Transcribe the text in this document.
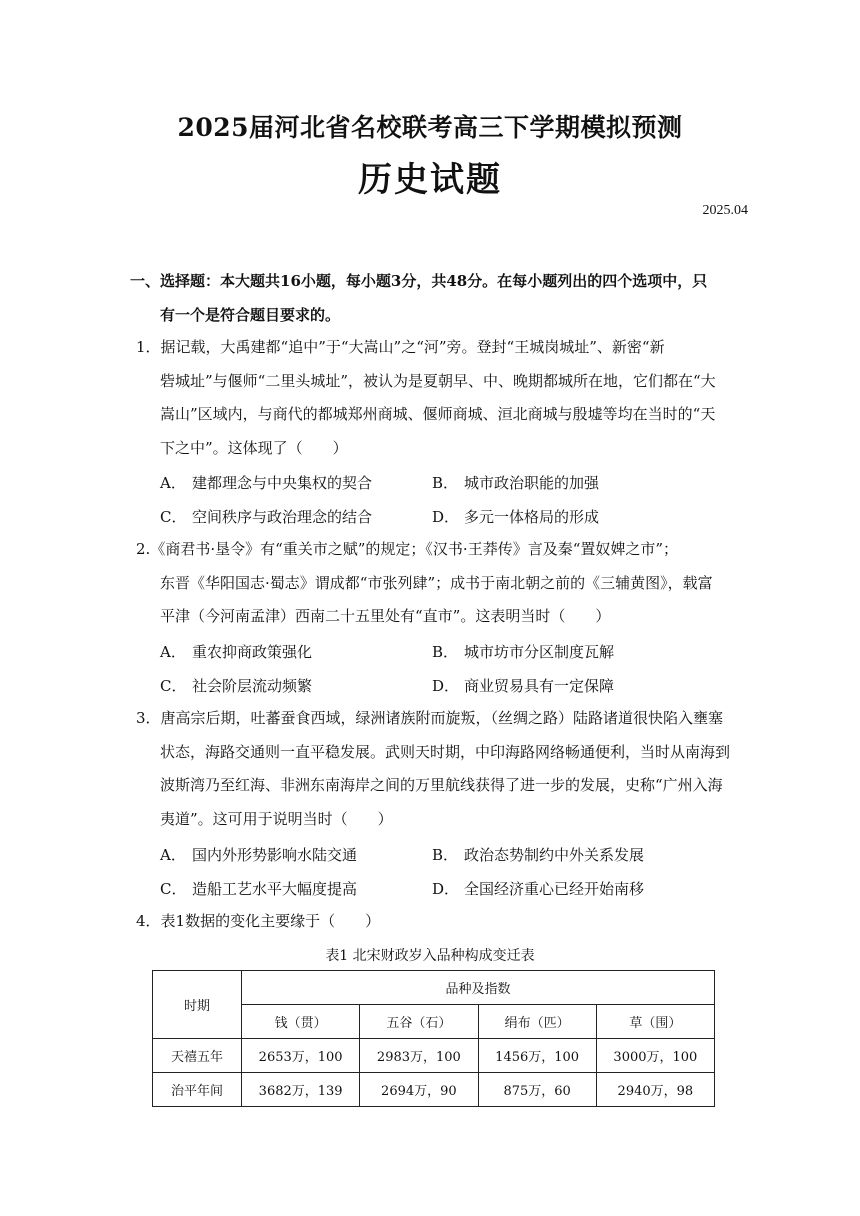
2025届河北省名校联考高三下学期模拟预测
历史试题
2025.04
一、选择题：本大题共16小题，每小题3分，共48分。在每小题列出的四个选项中，只
有一个是符合题目要求的。
1．据记载，大禹建都“追中”于“大嵩山”之“河”旁。登封“王城岗城址”、新密“新
砦城址”与偃师“二里头城址”，被认为是夏朝早、中、晚期都城所在地，它们都在“大
嵩山”区域内，与商代的都城郑州商城、偃师商城、洹北商城与殷墟等均在当时的“天
下之中”。这体现了（　　）
A． 建都理念与中央集权的契合	B． 城市政治职能的加强
C． 空间秩序与政治理念的结合	D． 多元一体格局的形成
2.《商君书·垦令》有“重关市之赋”的规定；《汉书·王莽传》言及秦“置奴婢之市”；
东晋《华阳国志·蜀志》谓成都“市张列肆”；成书于南北朝之前的《三辅黄图》，载富
平津（今河南孟津）西南二十五里处有“直市”。这表明当时（　　）
A． 重农抑商政策强化	B． 城市坊市分区制度瓦解
C． 社会阶层流动频繁	D． 商业贸易具有一定保障
3．唐高宗后期，吐蕃蚕食西域，绿洲诸族附而旋叛，（丝绸之路）陆路诸道很快陷入壅塞
状态，海路交通则一直平稳发展。武则天时期，中印海路网络畅通便利，当时从南海到
波斯湾乃至红海、非洲东南海岸之间的万里航线获得了进一步的发展，史称“广州入海
夷道”。这可用于说明当时（　　）
A． 国内外形势影响水陆交通	B． 政治态势制约中外关系发展
C． 造船工艺水平大幅度提高	D． 全国经济重心已经开始南移
4．表1数据的变化主要缘于（　　）
表1 北宋财政岁入品种构成变迁表
时期	品种及指数			
	钱（贯）	五谷（石）	绢布（匹）	草（围）
天禧五年	2653万，100	2983万，100	1456万，100	3000万，100
治平年间	3682万，139	2694万，90	875万，60	2940万，98
